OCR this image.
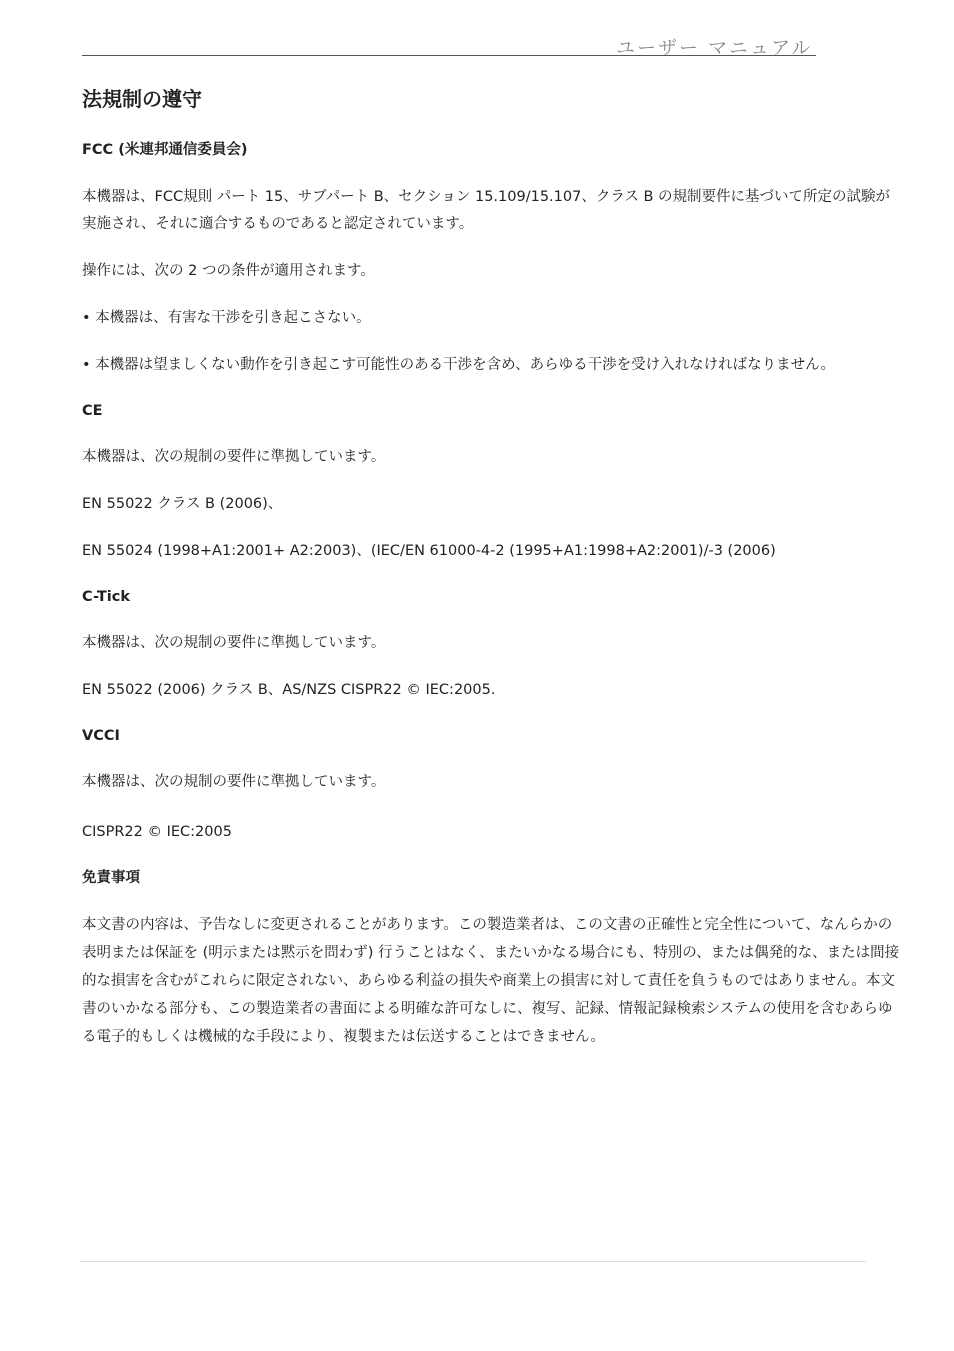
ユーザー マニュアル
法規制の遵守
FCC (米連邦通信委員会)

本機器は、FCC規則 パート 15、サブパート B、セクション 15.109/15.107、クラス B の規制要件に基づいて所定の試験が実施され、それに適合するものであると認定されています。

操作には、次の 2 つの条件が適用されます。

• 本機器は、有害な干渉を引き起こさない。

• 本機器は望ましくない動作を引き起こす可能性のある干渉を含め、あらゆる干渉を受け入れなければなりません。

CE

本機器は、次の規制の要件に準拠しています。

EN 55022 クラス B (2006)、

EN 55024 (1998+A1:2001+ A2:2003)、(IEC/EN 61000-4-2 (1995+A1:1998+A2:2001)/-3 (2006)

C-Tick

本機器は、次の規制の要件に準拠しています。

EN 55022 (2006) クラス B、AS/NZS CISPR22 © IEC:2005.

VCCI

本機器は、次の規制の要件に準拠しています。

CISPR22 © IEC:2005

免責事項

本文書の内容は、予告なしに変更されることがあります。この製造業者は、この文書の正確性と完全性について、なんらかの表明または保証を (明示または黙示を問わず) 行うことはなく、またいかなる場合にも、特別の、または偶発的な、または間接的な損害を含むがこれらに限定されない、あらゆる利益の損失や商業上の損害に対して責任を負うものではありません。本文書のいかなる部分も、この製造業者の書面による明確な許可なしに、複写、記録、情報記録検索システムの使用を含むあらゆる電子的もしくは機械的な手段により、複製または伝送することはできません。
